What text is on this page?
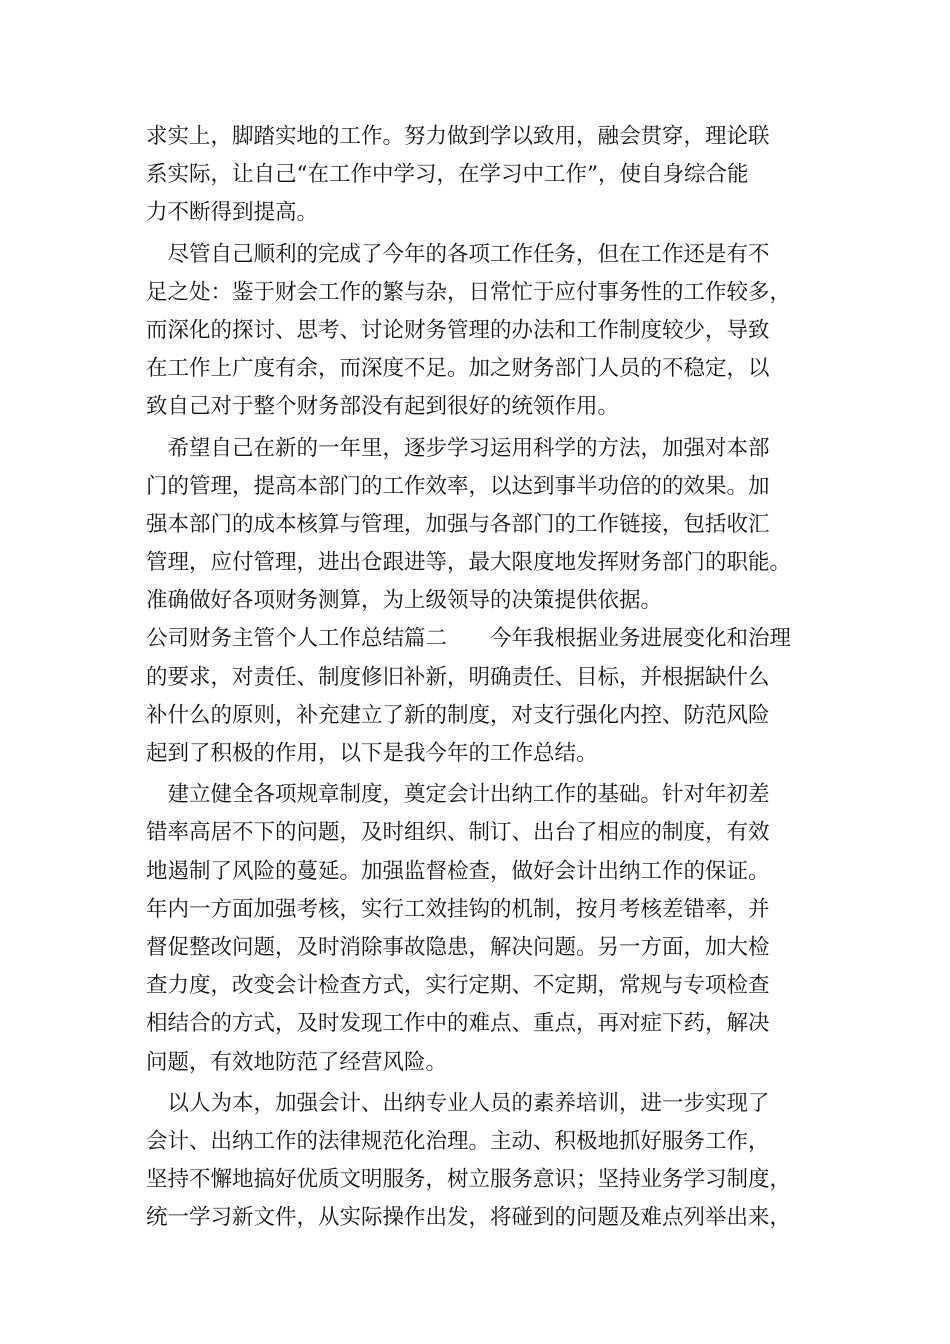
求实上，脚踏实地的工作。努力做到学以致用，融会贯穿，理论联
系实际，让自己“在工作中学习，在学习中工作”，使自身综合能
力不断得到提高。
　尽管自己顺利的完成了今年的各项工作任务，但在工作还是有不
足之处：鉴于财会工作的繁与杂，日常忙于应付事务性的工作较多，
而深化的探讨、思考、讨论财务管理的办法和工作制度较少，导致
在工作上广度有余，而深度不足。加之财务部门人员的不稳定，以
致自己对于整个财务部没有起到很好的统领作用。
　希望自己在新的一年里，逐步学习运用科学的方法，加强对本部
门的管理，提高本部门的工作效率，以达到事半功倍的的效果。加
强本部门的成本核算与管理，加强与各部门的工作链接，包括收汇
管理，应付管理，进出仓跟进等，最大限度地发挥财务部门的职能。
准确做好各项财务测算，为上级领导的决策提供依据。
公司财务主管个人工作总结篇二　　今年我根据业务进展变化和治理
的要求，对责任、制度修旧补新，明确责任、目标，并根据缺什么
补什么的原则，补充建立了新的制度，对支行强化内控、防范风险
起到了积极的作用，以下是我今年的工作总结。
　建立健全各项规章制度，奠定会计出纳工作的基础。针对年初差
错率高居不下的问题，及时组织、制订、出台了相应的制度，有效
地遏制了风险的蔓延。加强监督检查，做好会计出纳工作的保证。
年内一方面加强考核，实行工效挂钩的机制，按月考核差错率，并
督促整改问题，及时消除事故隐患，解决问题。另一方面，加大检
查力度，改变会计检查方式，实行定期、不定期，常规与专项检查
相结合的方式，及时发现工作中的难点、重点，再对症下药，解决
问题，有效地防范了经营风险。
　以人为本，加强会计、出纳专业人员的素养培训，进一步实现了
会计、出纳工作的法律规范化治理。主动、积极地抓好服务工作，
坚持不懈地搞好优质文明服务，树立服务意识；坚持业务学习制度，
统一学习新文件，从实际操作出发，将碰到的问题及难点列举出来，
